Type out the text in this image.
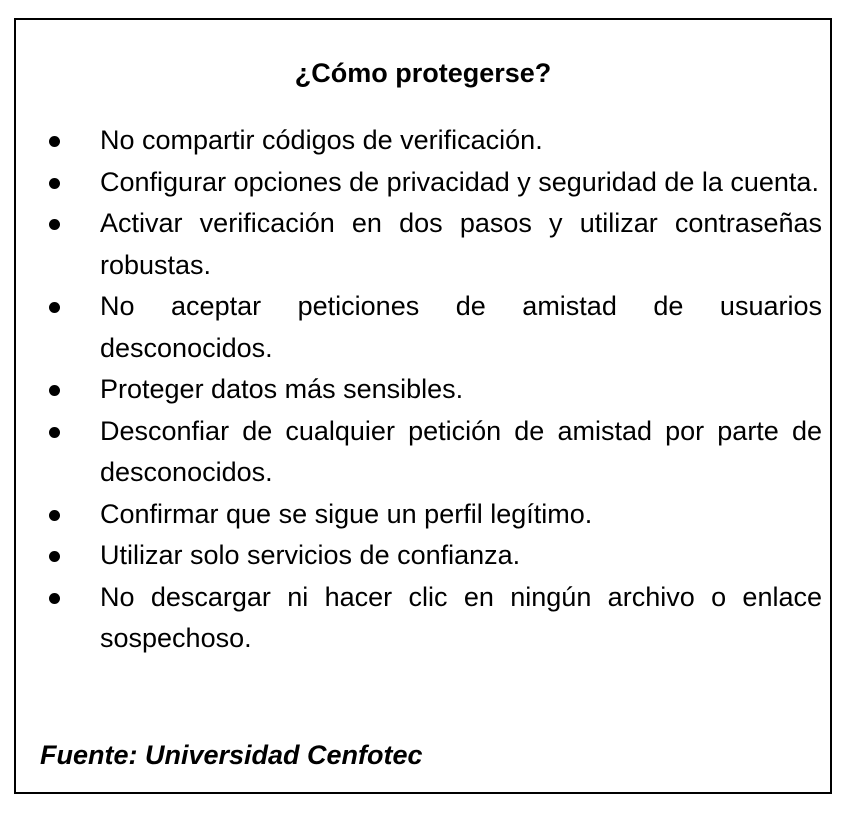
¿Cómo protegerse?
No compartir códigos de verificación.
Configurar opciones de privacidad y seguridad de la cuenta.
Activar verificación en dos pasos y utilizar contraseñas robustas.
No aceptar peticiones de amistad de usuarios desconocidos.
Proteger datos más sensibles.
Desconfiar de cualquier petición de amistad por parte de desconocidos.
Confirmar que se sigue un perfil legítimo.
Utilizar solo servicios de confianza.
No descargar ni hacer clic en ningún archivo o enlace sospechoso.

Fuente: Universidad Cenfotec
